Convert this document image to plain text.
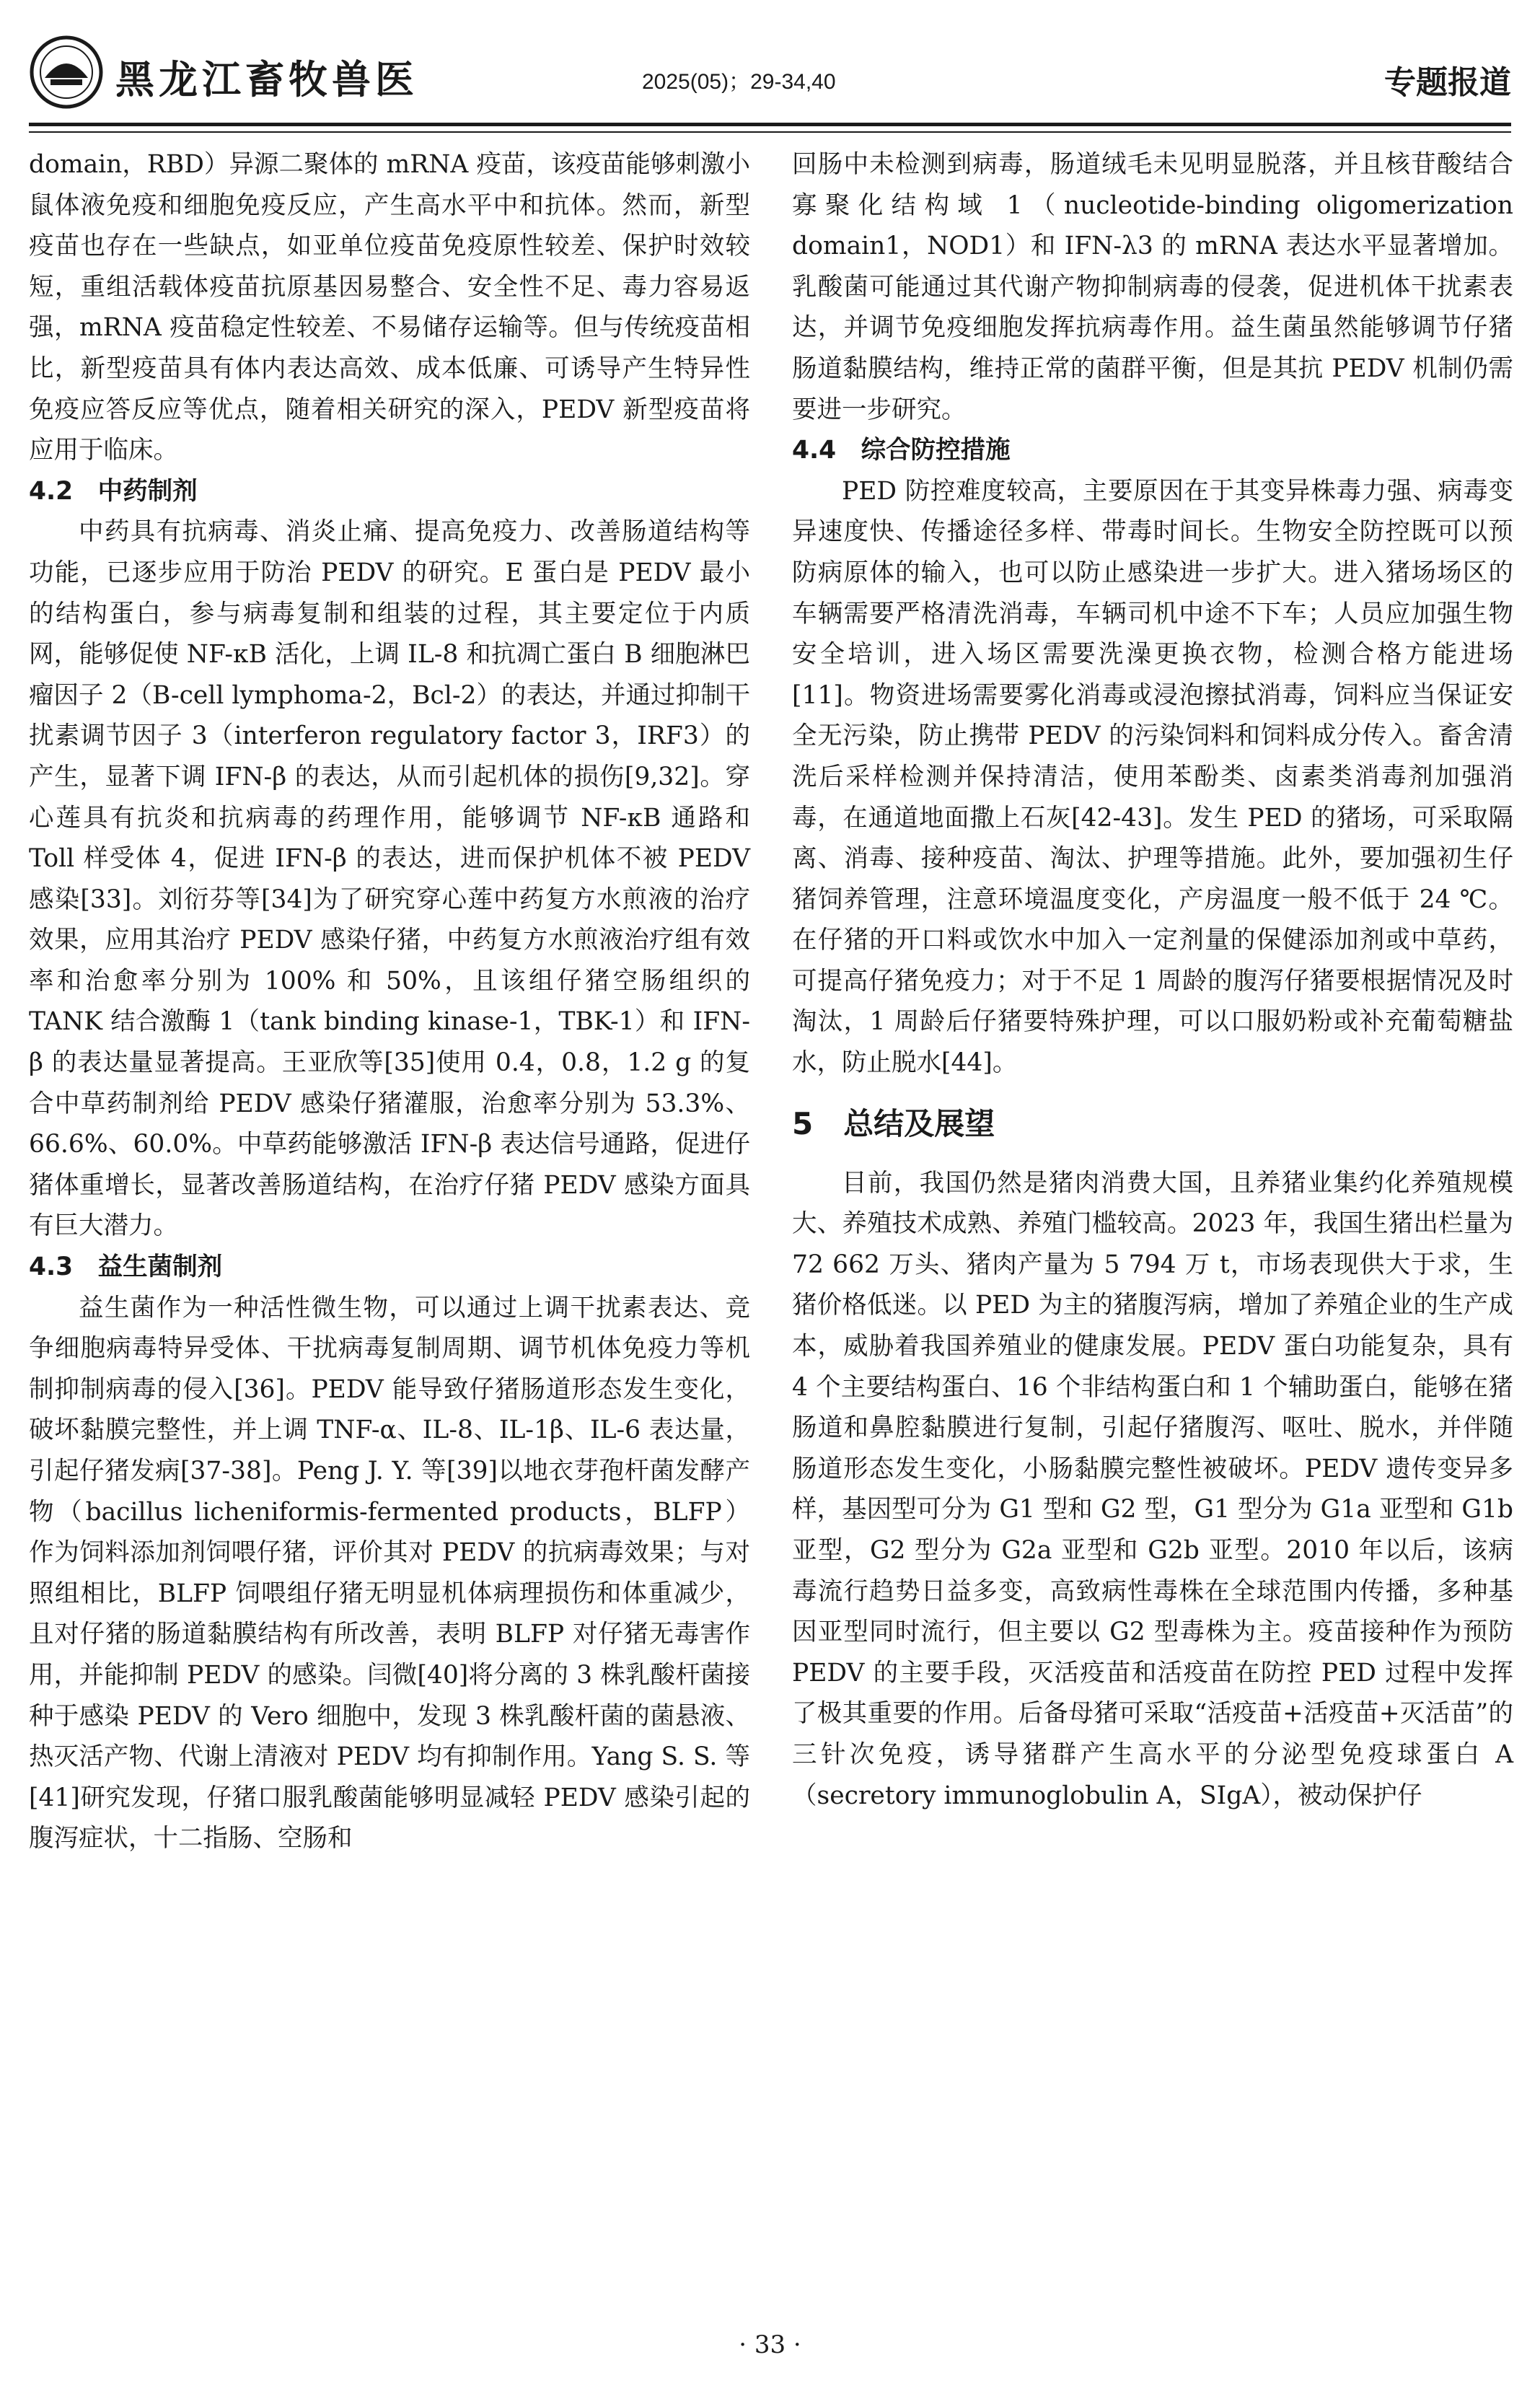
黑龙江畜牧兽医	2025(05)；29-34,40	专题报道

domain，RBD）异源二聚体的 mRNA 疫苗，该疫苗能够刺激小鼠体液免疫和细胞免疫反应，产生高水平中和抗体。然而，新型疫苗也存在一些缺点，如亚单位疫苗免疫原性较差、保护时效较短，重组活载体疫苗抗原基因易整合、安全性不足、毒力容易返强，mRNA 疫苗稳定性较差、不易储存运输等。但与传统疫苗相比，新型疫苗具有体内表达高效、成本低廉、可诱导产生特异性免疫应答反应等优点，随着相关研究的深入，PEDV 新型疫苗将应用于临床。

4.2　中药制剂

中药具有抗病毒、消炎止痛、提高免疫力、改善肠道结构等功能，已逐步应用于防治 PEDV 的研究。E 蛋白是 PEDV 最小的结构蛋白，参与病毒复制和组装的过程，其主要定位于内质网，能够促使 NF-κB 活化，上调 IL-8 和抗凋亡蛋白 B 细胞淋巴瘤因子 2（B-cell lymphoma-2，Bcl-2）的表达，并通过抑制干扰素调节因子 3（interferon regulatory factor 3，IRF3）的产生，显著下调 IFN-β 的表达，从而引起机体的损伤[9,32]。穿心莲具有抗炎和抗病毒的药理作用，能够调节 NF-κB 通路和 Toll 样受体 4，促进 IFN-β 的表达，进而保护机体不被 PEDV 感染[33]。刘衍芬等[34]为了研究穿心莲中药复方水煎液的治疗效果，应用其治疗 PEDV 感染仔猪，中药复方水煎液治疗组有效率和治愈率分别为 100% 和 50%，且该组仔猪空肠组织的 TANK 结合激酶 1（tank binding kinase-1，TBK-1）和 IFN-β 的表达量显著提高。王亚欣等[35]使用 0.4，0.8，1.2 g 的复合中草药制剂给 PEDV 感染仔猪灌服，治愈率分别为 53.3%、66.6%、60.0%。中草药能够激活 IFN-β 表达信号通路，促进仔猪体重增长，显著改善肠道结构，在治疗仔猪 PEDV 感染方面具有巨大潜力。

4.3　益生菌制剂

益生菌作为一种活性微生物，可以通过上调干扰素表达、竞争细胞病毒特异受体、干扰病毒复制周期、调节机体免疫力等机制抑制病毒的侵入[36]。PEDV 能导致仔猪肠道形态发生变化，破坏黏膜完整性，并上调 TNF-α、IL-8、IL-1β、IL-6 表达量，引起仔猪发病[37-38]。Peng J. Y. 等[39]以地衣芽孢杆菌发酵产物（bacillus licheniformis-fermented products，BLFP）作为饲料添加剂饲喂仔猪，评价其对 PEDV 的抗病毒效果；与对照组相比，BLFP 饲喂组仔猪无明显机体病理损伤和体重减少，且对仔猪的肠道黏膜结构有所改善，表明 BLFP 对仔猪无毒害作用，并能抑制 PEDV 的感染。闫微[40]将分离的 3 株乳酸杆菌接种于感染 PEDV 的 Vero 细胞中，发现 3 株乳酸杆菌的菌悬液、热灭活产物、代谢上清液对 PEDV 均有抑制作用。Yang S. S. 等[41]研究发现，仔猪口服乳酸菌能够明显减轻 PEDV 感染引起的腹泻症状，十二指肠、空肠和

回肠中未检测到病毒，肠道绒毛未见明显脱落，并且核苷酸结合寡聚化结构域 1（nucleotide-binding oligomerization domain1，NOD1）和 IFN-λ3 的 mRNA 表达水平显著增加。乳酸菌可能通过其代谢产物抑制病毒的侵袭，促进机体干扰素表达，并调节免疫细胞发挥抗病毒作用。益生菌虽然能够调节仔猪肠道黏膜结构，维持正常的菌群平衡，但是其抗 PEDV 机制仍需要进一步研究。

4.4　综合防控措施

PED 防控难度较高，主要原因在于其变异株毒力强、病毒变异速度快、传播途径多样、带毒时间长。生物安全防控既可以预防病原体的输入，也可以防止感染进一步扩大。进入猪场场区的车辆需要严格清洗消毒，车辆司机中途不下车；人员应加强生物安全培训，进入场区需要洗澡更换衣物，检测合格方能进场[11]。物资进场需要雾化消毒或浸泡擦拭消毒，饲料应当保证安全无污染，防止携带 PEDV 的污染饲料和饲料成分传入。畜舍清洗后采样检测并保持清洁，使用苯酚类、卤素类消毒剂加强消毒，在通道地面撒上石灰[42-43]。发生 PED 的猪场，可采取隔离、消毒、接种疫苗、淘汰、护理等措施。此外，要加强初生仔猪饲养管理，注意环境温度变化，产房温度一般不低于 24 ℃。在仔猪的开口料或饮水中加入一定剂量的保健添加剂或中草药，可提高仔猪免疫力；对于不足 1 周龄的腹泻仔猪要根据情况及时淘汰，1 周龄后仔猪要特殊护理，可以口服奶粉或补充葡萄糖盐水，防止脱水[44]。

5　总结及展望

目前，我国仍然是猪肉消费大国，且养猪业集约化养殖规模大、养殖技术成熟、养殖门槛较高。2023 年，我国生猪出栏量为 72 662 万头、猪肉产量为 5 794 万 t，市场表现供大于求，生猪价格低迷。以 PED 为主的猪腹泻病，增加了养殖企业的生产成本，威胁着我国养殖业的健康发展。PEDV 蛋白功能复杂，具有 4 个主要结构蛋白、16 个非结构蛋白和 1 个辅助蛋白，能够在猪肠道和鼻腔黏膜进行复制，引起仔猪腹泻、呕吐、脱水，并伴随肠道形态发生变化，小肠黏膜完整性被破坏。PEDV 遗传变异多样，基因型可分为 G1 型和 G2 型，G1 型分为 G1a 亚型和 G1b 亚型，G2 型分为 G2a 亚型和 G2b 亚型。2010 年以后，该病毒流行趋势日益多变，高致病性毒株在全球范围内传播，多种基因亚型同时流行，但主要以 G2 型毒株为主。疫苗接种作为预防 PEDV 的主要手段，灭活疫苗和活疫苗在防控 PED 过程中发挥了极其重要的作用。后备母猪可采取“活疫苗+活疫苗+灭活苗”的三针次免疫，诱导猪群产生高水平的分泌型免疫球蛋白 A（secretory immunoglobulin A，SIgA），被动保护仔

· 33 ·
